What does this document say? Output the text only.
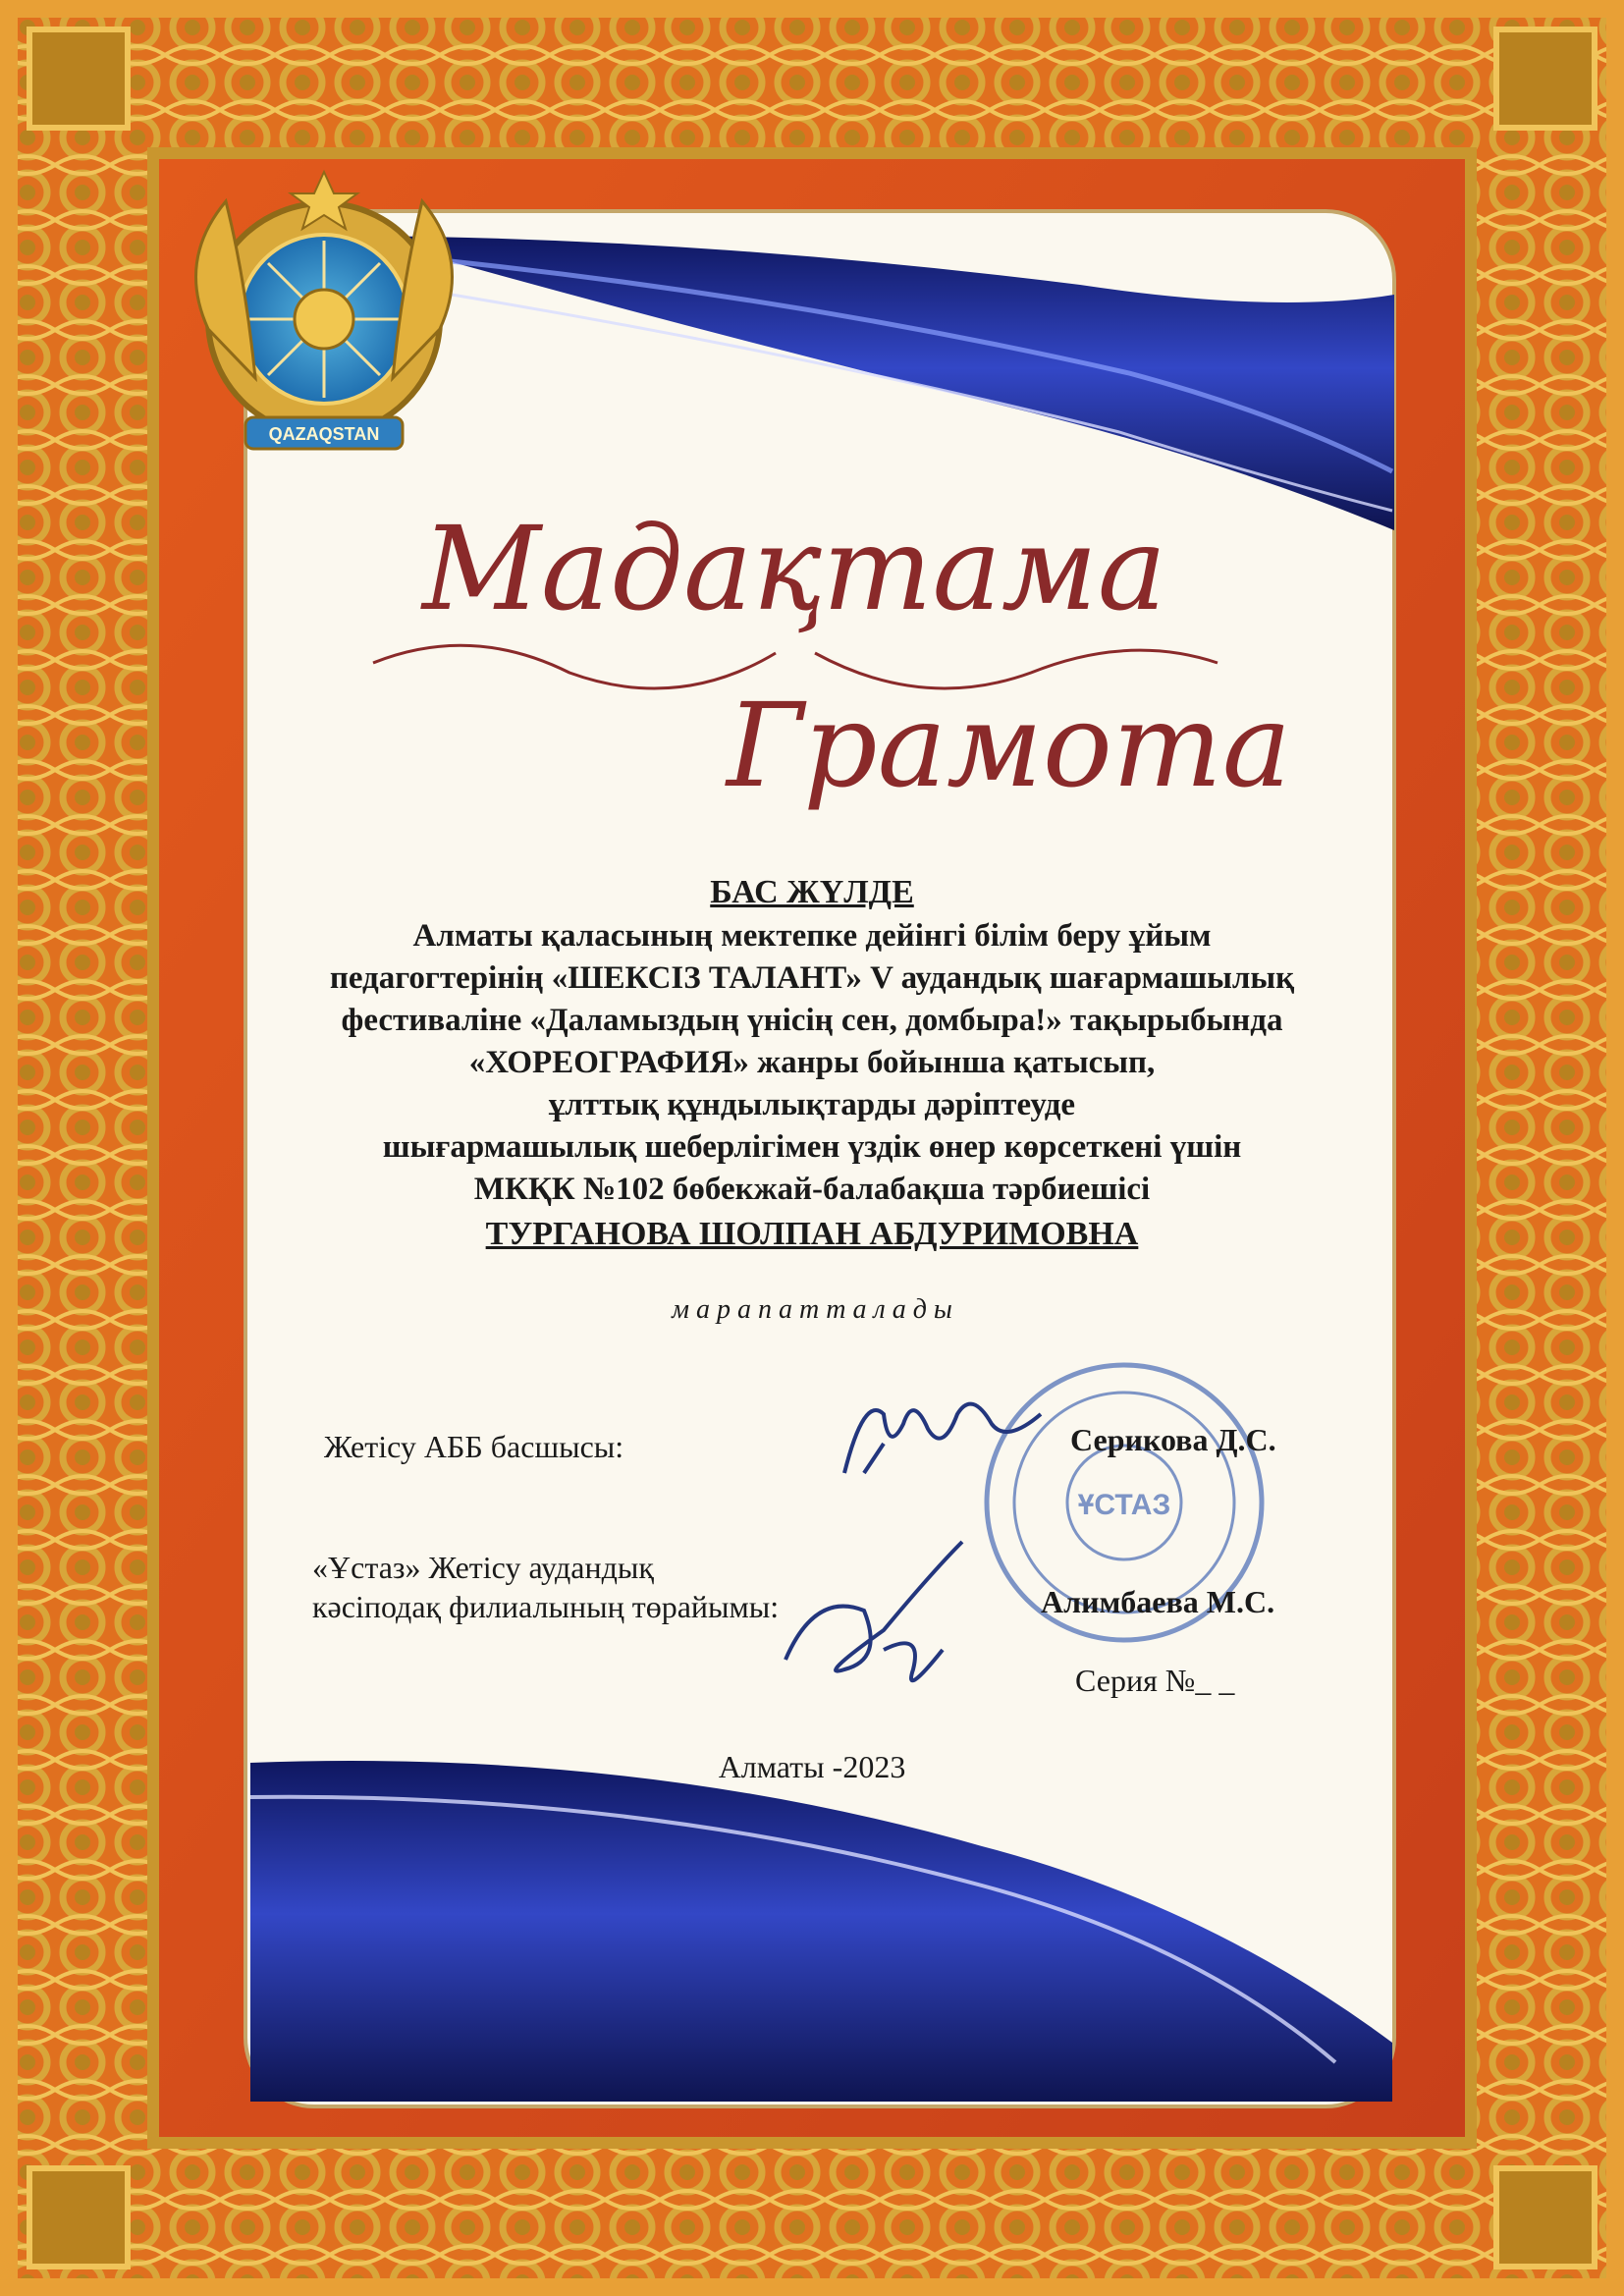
QAZAQSTAN
ҰСТАЗ
Мадақтама
Грамота
БАС ЖҮЛДЕ
Алматы қаласының мектепке дейінгі білім беру ұйым
педагогтерінің «ШЕКСІЗ ТАЛАНТ» V аудандық шағармашылық
фестиваліне «Даламыздың үнісің сен, домбыра!» тақырыбында
«ХОРЕОГРАФИЯ» жанры бойынша қатысып,
ұлттық құндылықтарды дәріптеуде
шығармашылық шеберлігімен үздік өнер көрсеткені үшін
МКҚК №102 бөбекжай-балабақша тәрбиешісі
ТУРГАНОВА ШОЛПАН АБДУРИМОВНА
м а р а п а т т а л а д ы
Жетісу АББ басшысы:	Серикова Д.С.
«Ұстаз» Жетісу аудандық
кәсіподақ филиалының төрайымы:	Алимбаева М.С.
Серия №_ _
Алматы -2023
